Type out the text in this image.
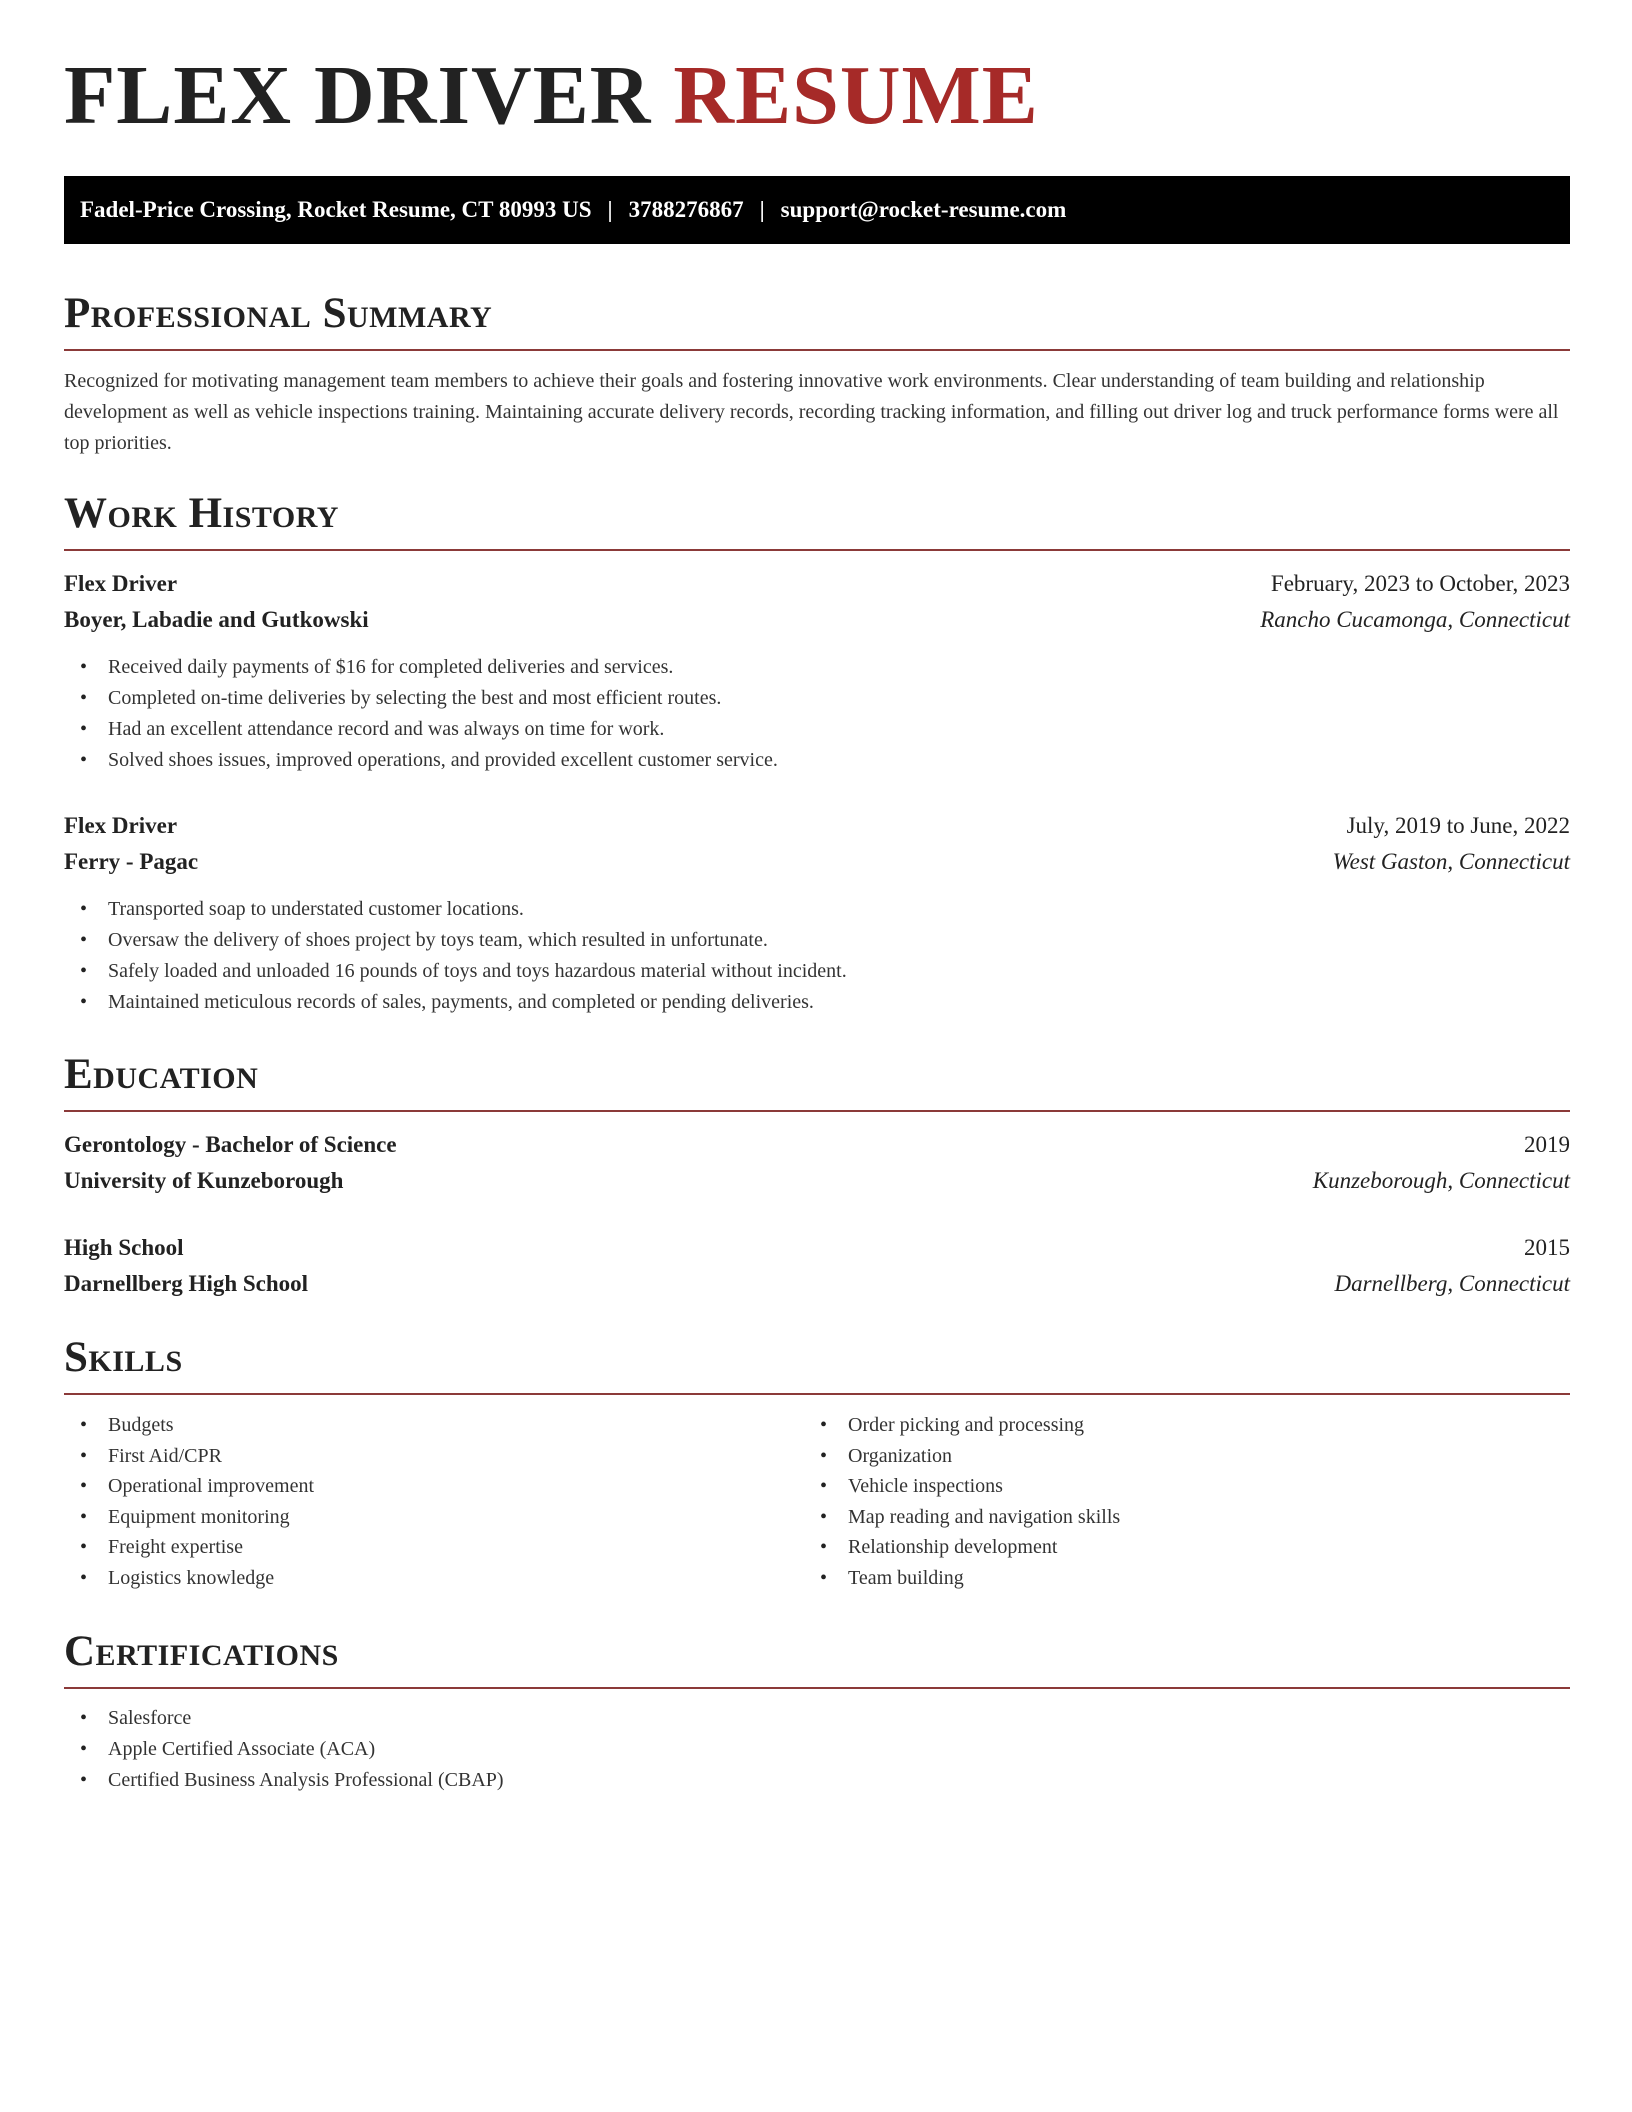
FLEX DRIVER RESUME
Fadel-Price Crossing, Rocket Resume, CT 80993 US | 3788276867 | support@rocket-resume.com
Professional Summary

Recognized for motivating management team members to achieve their goals and fostering innovative work environments. Clear understanding of team building and relationship development as well as vehicle inspections training. Maintaining accurate delivery records, recording tracking information, and filling out driver log and truck performance forms were all top priorities.

Work History
Flex Driver	February, 2023 to October, 2023
Boyer, Labadie and Gutkowski	Rancho Cucamonga, Connecticut
• Received daily payments of $16 for completed deliveries and services.
• Completed on-time deliveries by selecting the best and most efficient routes.
• Had an excellent attendance record and was always on time for work.
• Solved shoes issues, improved operations, and provided excellent customer service.
Flex Driver	July, 2019 to June, 2022
Ferry - Pagac	West Gaston, Connecticut
• Transported soap to understated customer locations.
• Oversaw the delivery of shoes project by toys team, which resulted in unfortunate.
• Safely loaded and unloaded 16 pounds of toys and toys hazardous material without incident.
• Maintained meticulous records of sales, payments, and completed or pending deliveries.
Education
Gerontology - Bachelor of Science	2019
University of Kunzeborough	Kunzeborough, Connecticut
High School	2015
Darnellberg High School	Darnellberg, Connecticut
Skills
• Budgets
• First Aid/CPR
• Operational improvement
• Equipment monitoring
• Freight expertise
• Logistics knowledge
• Order picking and processing
• Organization
• Vehicle inspections
• Map reading and navigation skills
• Relationship development
• Team building
Certifications
• Salesforce
• Apple Certified Associate (ACA)
• Certified Business Analysis Professional (CBAP)
